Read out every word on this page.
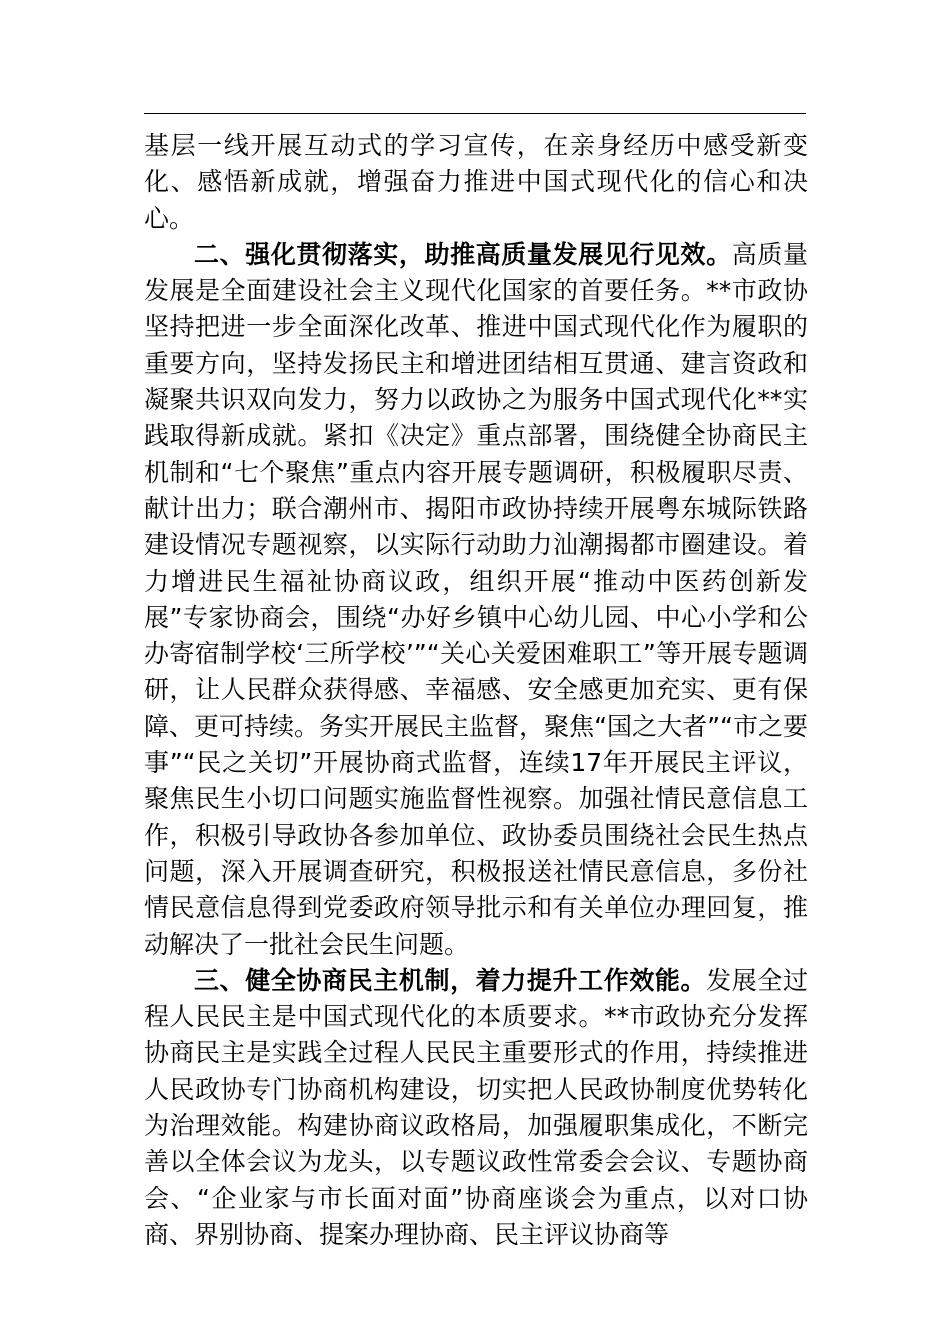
基层一线开展互动式的学习宣传，在亲身经历中感受新变化、感悟新成就，增强奋力推进中国式现代化的信心和决心。

二、强化贯彻落实，助推高质量发展见行见效。高质量发展是全面建设社会主义现代化国家的首要任务。**市政协坚持把进一步全面深化改革、推进中国式现代化作为履职的重要方向，坚持发扬民主和增进团结相互贯通、建言资政和凝聚共识双向发力，努力以政协之为服务中国式现代化**实践取得新成就。紧扣《决定》重点部署，围绕健全协商民主机制和“七个聚焦”重点内容开展专题调研，积极履职尽责、献计出力；联合潮州市、揭阳市政协持续开展粤东城际铁路建设情况专题视察，以实际行动助力汕潮揭都市圈建设。着力增进民生福祉协商议政，组织开展“推动中医药创新发展”专家协商会，围绕“办好乡镇中心幼儿园、中心小学和公办寄宿制学校‘三所学校’”“关心关爱困难职工”等开展专题调研，让人民群众获得感、幸福感、安全感更加充实、更有保障、更可持续。务实开展民主监督，聚焦“国之大者”“市之要事”“民之关切”开展协商式监督，连续17年开展民主评议，聚焦民生小切口问题实施监督性视察。加强社情民意信息工作，积极引导政协各参加单位、政协委员围绕社会民生热点问题，深入开展调查研究，积极报送社情民意信息，多份社情民意信息得到党委政府领导批示和有关单位办理回复，推动解决了一批社会民生问题。

三、健全协商民主机制，着力提升工作效能。发展全过程人民民主是中国式现代化的本质要求。**市政协充分发挥协商民主是实践全过程人民民主重要形式的作用，持续推进人民政协专门协商机构建设，切实把人民政协制度优势转化为治理效能。构建协商议政格局，加强履职集成化，不断完善以全体会议为龙头，以专题议政性常委会会议、专题协商会、“企业家与市长面对面”协商座谈会为重点，以对口协商、界别协商、提案办理协商、民主评议协商等
